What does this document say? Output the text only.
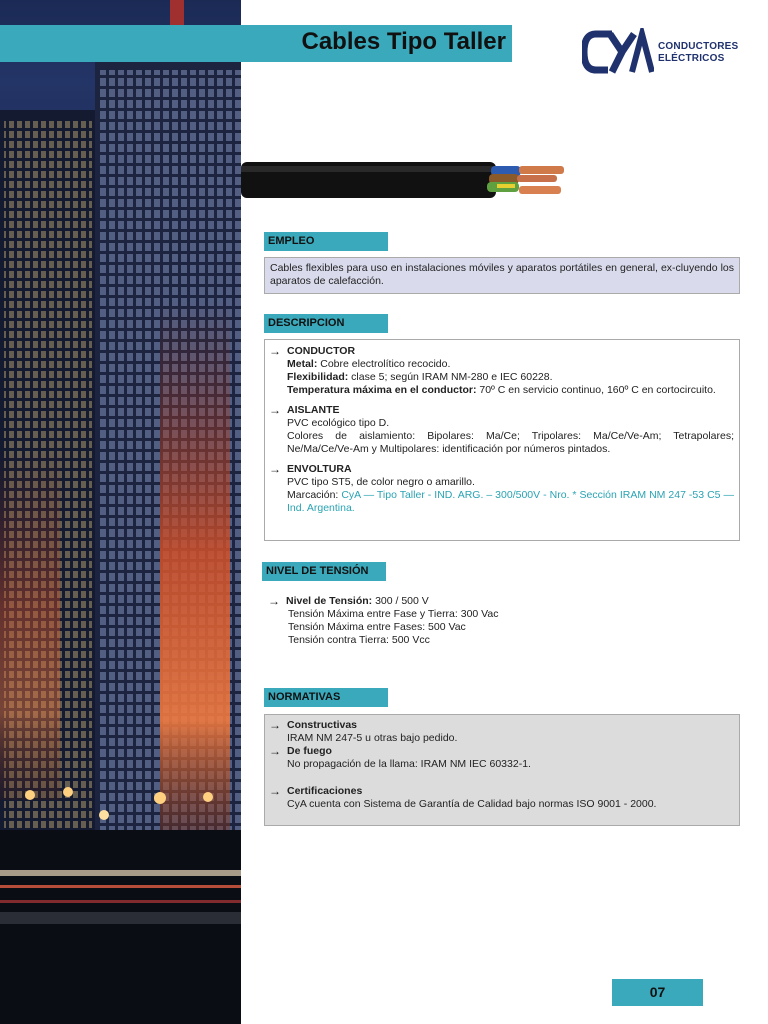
Cables Tipo Taller	CONDUCTORES
ELÉCTRICOS
EMPLEO
Cables flexibles para uso en instalaciones móviles y aparatos portátiles en general, ex-cluyendo los aparatos de calefacción.
DESCRIPCION
→ CONDUCTOR
Metal: Cobre electrolítico recocido.
Flexibilidad: clase 5; según IRAM NM-280 e IEC 60228.
Temperatura máxima en el conductor: 70º C en servicio continuo, 160º C en cortocircuito.
→ AISLANTE
PVC ecológico tipo D.
Colores de aislamiento: Bipolares: Ma/Ce; Tripolares: Ma/Ce/Ve-Am; Tetrapolares; Ne/Ma/Ce/Ve-Am y Multipolares: identificación por números pintados.
→ ENVOLTURA
PVC tipo ST5, de color negro o amarillo.
Marcación: CyA — Tipo Taller - IND. ARG. – 300/500V - Nro. * Sección IRAM NM 247 -53 C5 — Ind. Argentina.
NIVEL DE TENSIÓN
→ Nivel de Tensión: 300 / 500 V
Tensión Máxima entre Fase y Tierra: 300 Vac
Tensión Máxima entre Fases: 500 Vac
Tensión contra Tierra: 500 Vcc
NORMATIVAS
→ Constructivas
IRAM NM 247-5 u otras bajo pedido.
→ De fuego
No propagación de la llama: IRAM NM IEC 60332-1.
→ Certificaciones
CyA cuenta con Sistema de Garantía de Calidad bajo normas ISO 9001 - 2000.
07
